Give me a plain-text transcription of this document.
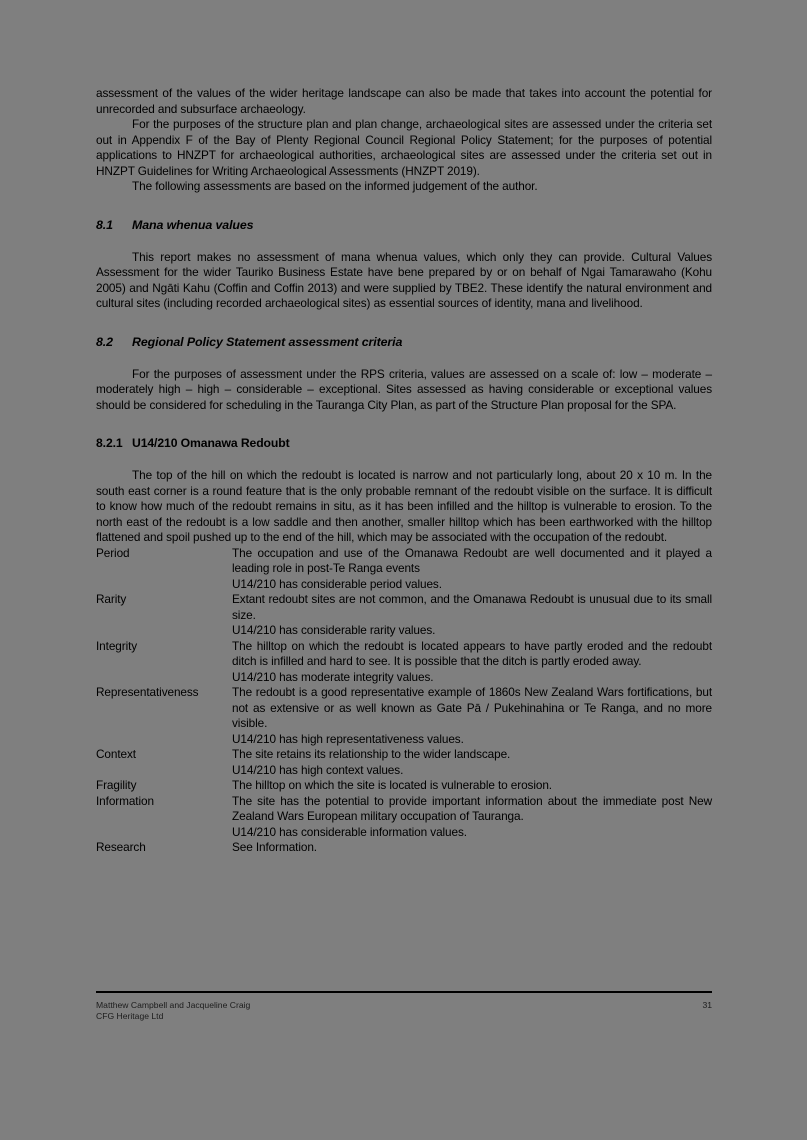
assessment of the values of the wider heritage landscape can also be made that takes into account the potential for unrecorded and subsurface archaeology.

For the purposes of the structure plan and plan change, archaeological sites are assessed under the criteria set out in Appendix F of the Bay of Plenty Regional Council Regional Policy Statement; for the purposes of potential applications to HNZPT for archaeological authorities, archaeological sites are assessed under the criteria set out in HNZPT Guidelines for Writing Archaeological Assessments (HNZPT 2019).

The following assessments are based on the informed judgement of the author.

8.1 Mana whenua values

This report makes no assessment of mana whenua values, which only they can provide. Cultural Values Assessment for the wider Tauriko Business Estate have bene prepared by or on behalf of Ngai Tamarawaho (Kohu 2005) and Ngāti Kahu (Coffin and Coffin 2013) and were supplied by TBE2. These identify the natural environment and cultural sites (including recorded archaeological sites) as essential sources of identity, mana and livelihood.

8.2 Regional Policy Statement assessment criteria

For the purposes of assessment under the RPS criteria, values are assessed on a scale of: low – moderate – moderately high – high – considerable – exceptional. Sites assessed as having considerable or exceptional values should be considered for scheduling in the Tauranga City Plan, as part of the Structure Plan proposal for the SPA.

8.2.1 U14/210 Omanawa Redoubt

The top of the hill on which the redoubt is located is narrow and not particularly long, about 20 x 10 m. In the south east corner is a round feature that is the only probable remnant of the redoubt visible on the surface. It is difficult to know how much of the redoubt remains in situ, as it has been infilled and the hilltop is vulnerable to erosion. To the north east of the redoubt is a low saddle and then another, smaller hilltop which has been earthworked with the hilltop flattened and spoil pushed up to the end of the hill, which may be associated with the occupation of the redoubt.

Period	The occupation and use of the Omanawa Redoubt are well documented and it played a leading role in post-Te Ranga events

U14/210 has considerable period values.

Rarity	Extant redoubt sites are not common, and the Omanawa Redoubt is unusual due to its small size.

U14/210 has considerable rarity values.

Integrity	The hilltop on which the redoubt is located appears to have partly eroded and the redoubt ditch is infilled and hard to see. It is possible that the ditch is partly eroded away.

U14/210 has moderate integrity values.

Representativeness	The redoubt is a good representative example of 1860s New Zealand Wars fortifications, but not as extensive or as well known as Gate Pā / Pukehinahina or Te Ranga, and no more visible.

U14/210 has high representativeness values.

Context	The site retains its relationship to the wider landscape.

U14/210 has high context values.

Fragility	The hilltop on which the site is located is vulnerable to erosion.

Information	The site has the potential to provide important information about the immediate post New Zealand Wars European military occupation of Tauranga.

U14/210 has considerable information values.

Research	See Information.

Matthew Campbell and Jacqueline Craig
CFG Heritage Ltd
31
